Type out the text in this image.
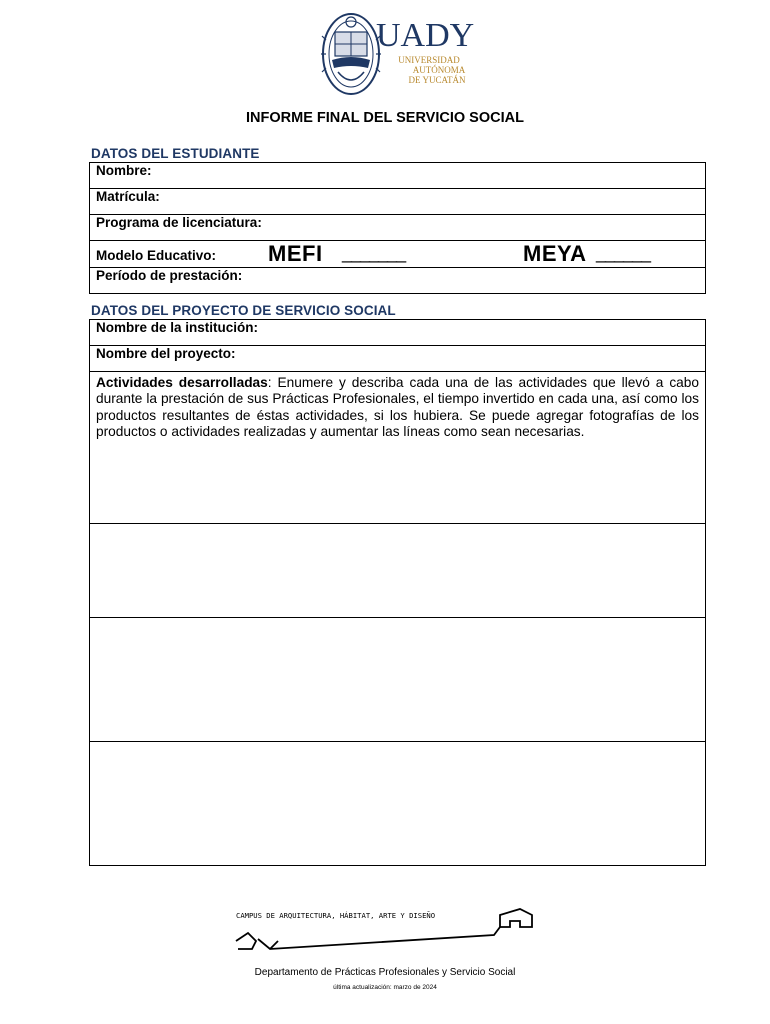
UADY
UNIVERSIDAD
AUTÓNOMA
DE YUCATÁN
INFORME FINAL DEL SERVICIO SOCIAL
DATOS DEL ESTUDIANTE
Nombre:
Matrícula:
Programa de licenciatura:

Modelo Educativo: MEFI _______	MEYA ______

Período de prestación:
DATOS DEL PROYECTO DE SERVICIO SOCIAL
Nombre de la institución:
Nombre del proyecto:

Actividades desarrolladas: Enumere y describa cada una de las actividades que llevó a cabo durante la prestación de sus Prácticas Profesionales, el tiempo invertido en cada una, así como los productos resultantes de éstas actividades, si los hubiera. Se puede agregar fotografías de los productos o actividades realizadas y aumentar las líneas como sean necesarias.

CAMPUS DE ARQUITECTURA, HÁBITAT, ARTE Y DISEÑO
Departamento de Prácticas Profesionales y Servicio Social
última actualización: marzo de 2024
